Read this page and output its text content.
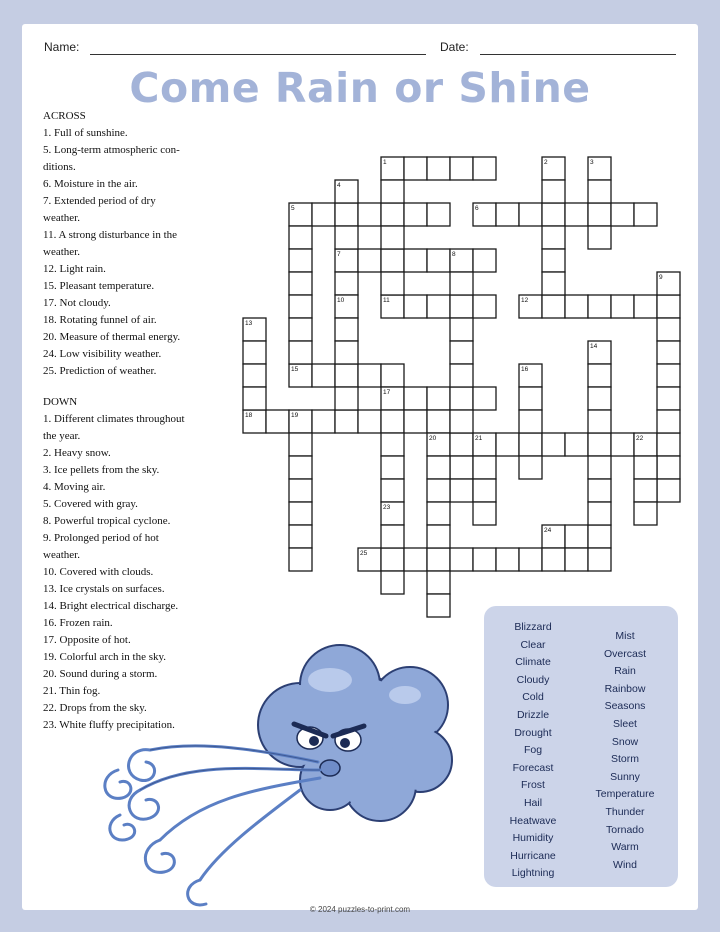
Name:	Date:
Come Rain or Shine
ACROSS
1. Full of sunshine.
5. Long-term atmospheric con-
ditions.
6. Moisture in the air.
7. Extended period of dry
weather.
11. A strong disturbance in the
weather.
12. Light rain.
15. Pleasant temperature.
17. Not cloudy.
18. Rotating funnel of air.
20. Measure of thermal energy.
24. Low visibility weather.
25. Prediction of weather.
DOWN
1. Different climates throughout
the year.
2. Heavy snow.
3. Ice pellets from the sky.
4. Moving air.
5. Covered with gray.
8. Powerful tropical cyclone.
9. Prolonged period of hot
weather.
10. Covered with clouds.
13. Ice crystals on surfaces.
14. Bright electrical discharge.
16. Frozen rain.
17. Opposite of hot.
19. Colorful arch in the sky.
20. Sound during a storm.
21. Thin fog.
22. Drops from the sky.
23. White fluffy precipitation.
1	2	3
4
5	6
7	8
9
10	11	12
13
14
15	16
17
18	19
20	21	22
23
24
25
Blizzard
Clear
Climate
Cloudy
Cold
Drizzle
Drought
Fog
Forecast
Frost
Hail
Heatwave
Humidity
Hurricane
Lightning
Mist
Overcast
Rain
Rainbow
Seasons
Sleet
Snow
Storm
Sunny
Temperature
Thunder
Tornado
Warm
Wind
© 2024 puzzles-to-print.com
